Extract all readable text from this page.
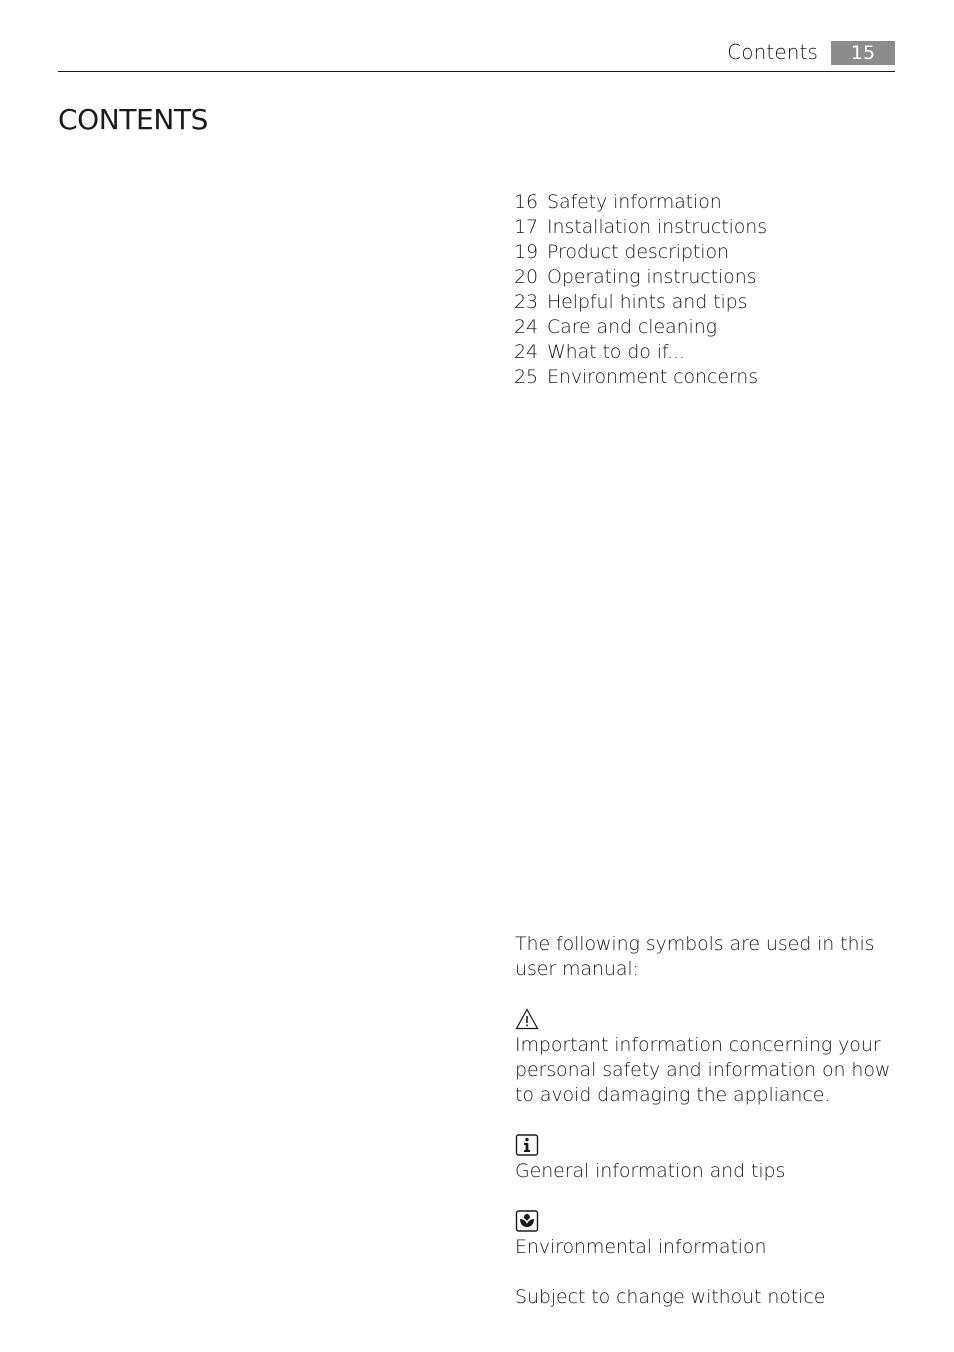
Contents	15
CONTENTS
16 Safety information
17 Installation instructions
19 Product description
20 Operating instructions
23 Helpful hints and tips
24 Care and cleaning
24 What to do if...
25 Environment concerns

The following symbols are used in this user manual:

Important information concerning your personal safety and information on how to avoid damaging the appliance.

General information and tips

Environmental information

Subject to change without notice
